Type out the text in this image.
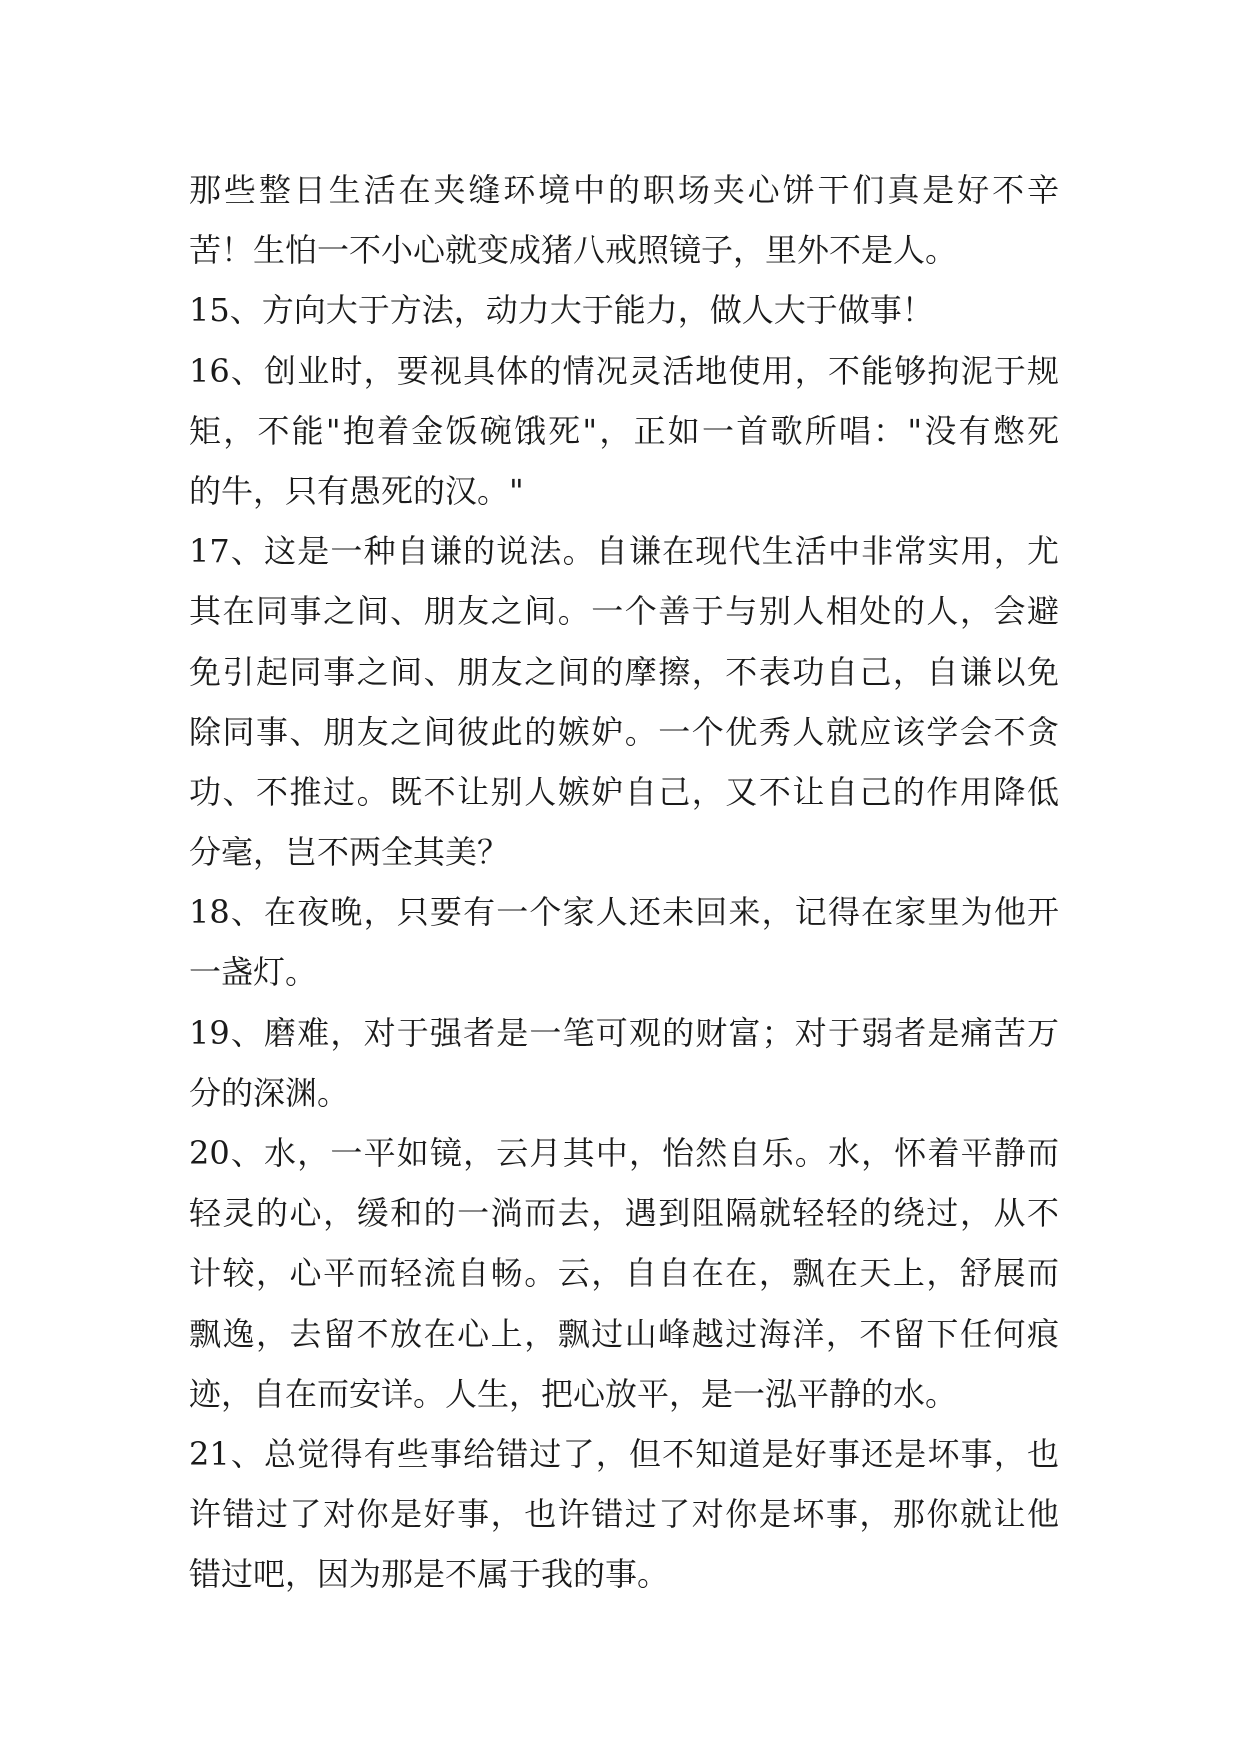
那些整日生活在夹缝环境中的职场夹心饼干们真是好不辛
苦！生怕一不小心就变成猪八戒照镜子，里外不是人。
15、方向大于方法，动力大于能力，做人大于做事！
16、创业时，要视具体的情况灵活地使用，不能够拘泥于规
矩，不能"抱着金饭碗饿死"，正如一首歌所唱："没有憋死
的牛，只有愚死的汉。"
17、这是一种自谦的说法。自谦在现代生活中非常实用，尤
其在同事之间、朋友之间。一个善于与别人相处的人，会避
免引起同事之间、朋友之间的摩擦，不表功自己，自谦以免
除同事、朋友之间彼此的嫉妒。一个优秀人就应该学会不贪
功、不推过。既不让别人嫉妒自己，又不让自己的作用降低
分毫，岂不两全其美？
18、在夜晚，只要有一个家人还未回来，记得在家里为他开
一盏灯。
19、磨难，对于强者是一笔可观的财富；对于弱者是痛苦万
分的深渊。
20、水，一平如镜，云月其中，怡然自乐。水，怀着平静而
轻灵的心，缓和的一淌而去，遇到阻隔就轻轻的绕过，从不
计较，心平而轻流自畅。云，自自在在，飘在天上，舒展而
飘逸，去留不放在心上，飘过山峰越过海洋，不留下任何痕
迹，自在而安详。人生，把心放平，是一泓平静的水。
21、总觉得有些事给错过了，但不知道是好事还是坏事，也
许错过了对你是好事，也许错过了对你是坏事，那你就让他
错过吧，因为那是不属于我的事。
